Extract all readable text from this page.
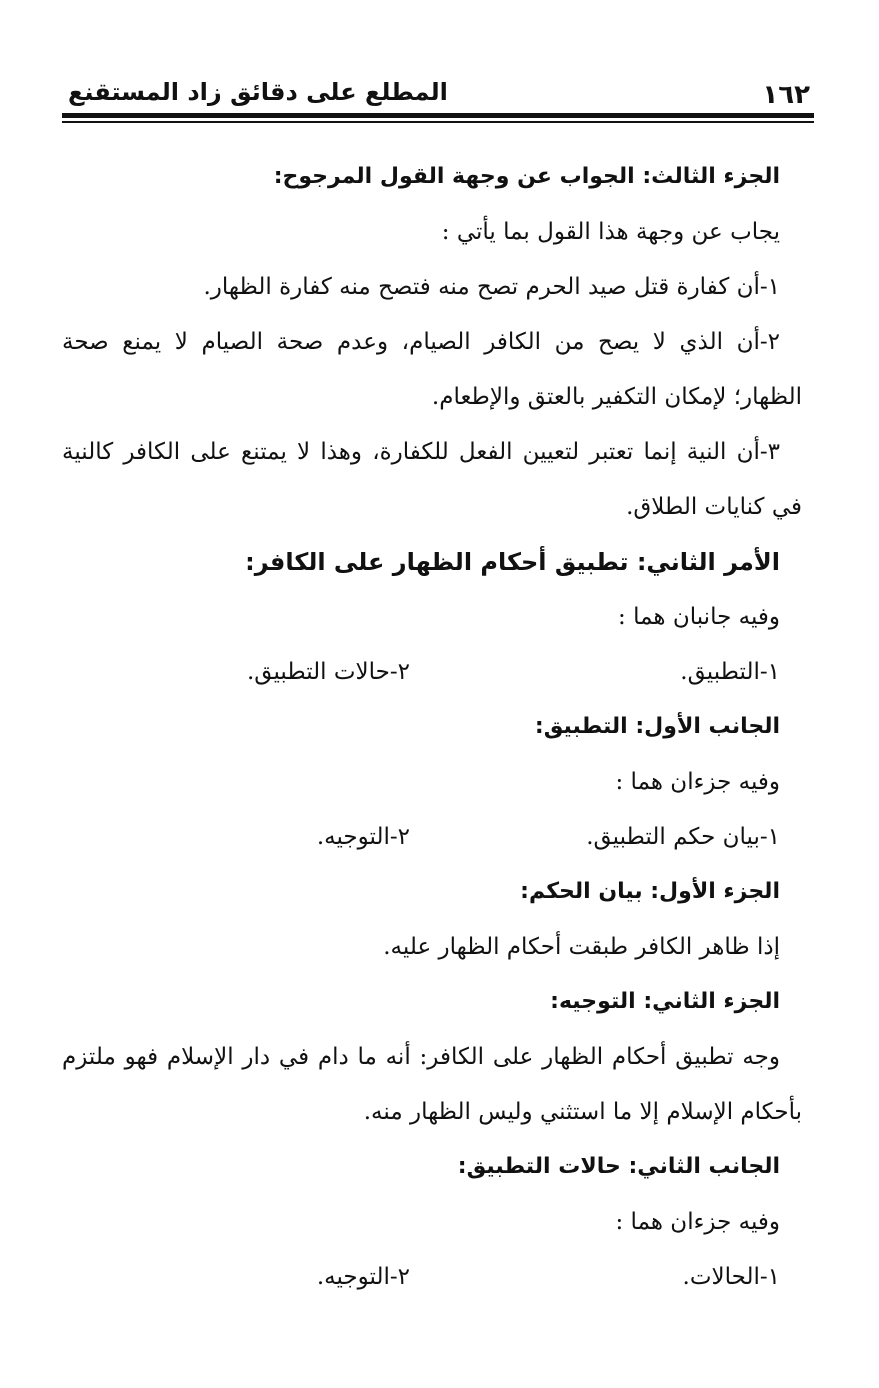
١٦٢
المطلع على دقائق زاد المستقنع
الجزء الثالث: الجواب عن وجهة القول المرجوح:
يجاب عن وجهة هذا القول بما يأتي :
١-أن كفارة قتل صيد الحرم تصح منه فتصح منه كفارة الظهار.
٢-أن الذي لا يصح من الكافر الصيام، وعدم صحة الصيام لا يمنع صحة
الظهار؛ لإمكان التكفير بالعتق والإطعام.
٣-أن النية إنما تعتبر لتعيين الفعل للكفارة، وهذا لا يمتنع على الكافر كالنية
في كنايات الطلاق.
الأمر الثاني: تطبيق أحكام الظهار على الكافر:
وفيه جانبان هما :
١-التطبيق.
٢-حالات التطبيق.
الجانب الأول: التطبيق:
وفيه جزءان هما :
١-بيان حكم التطبيق.
٢-التوجيه.
الجزء الأول: بيان الحكم:
إذا ظاهر الكافر طبقت أحكام الظهار عليه.
الجزء الثاني: التوجيه:
وجه تطبيق أحكام الظهار على الكافر: أنه ما دام في دار الإسلام فهو ملتزم
بأحكام الإسلام إلا ما استثني وليس الظهار منه.
الجانب الثاني: حالات التطبيق:
وفيه جزءان هما :
١-الحالات.
٢-التوجيه.
